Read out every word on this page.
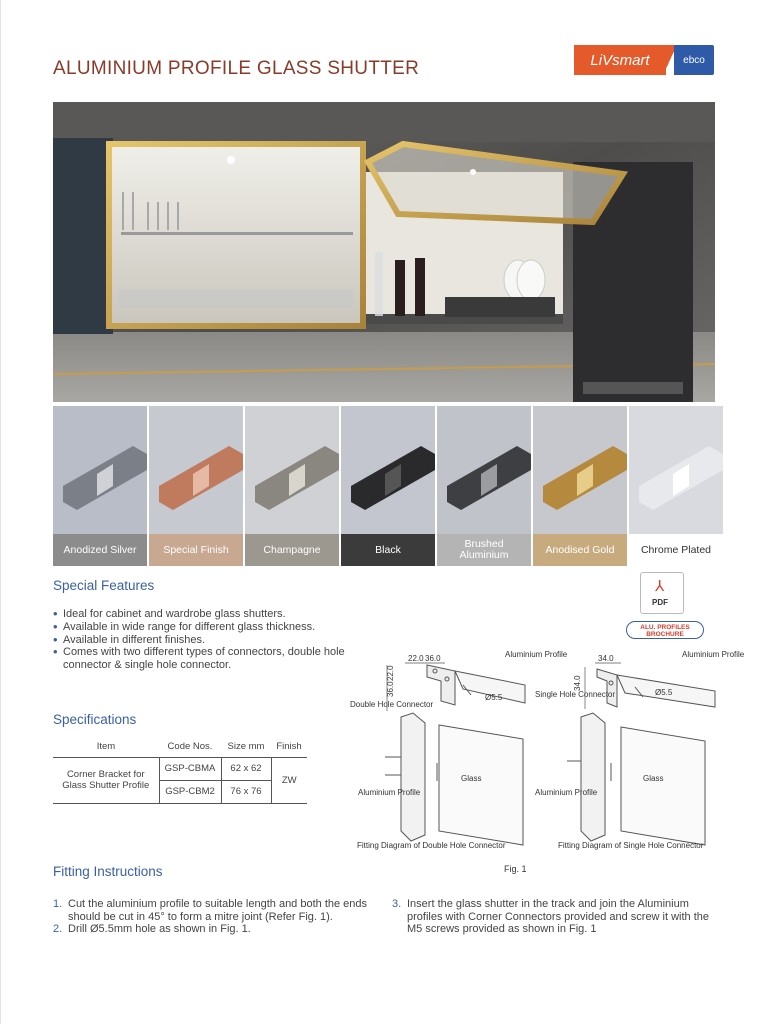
ALUMINIUM PROFILE GLASS SHUTTER	LiVsmart	ebco
Anodized Silver	Special Finish	Champagne	Black	Brushed Aluminium	Anodised Gold	Chrome Plated
Special Features
• Ideal for cabinet and wardrobe glass shutters.
• Available in wide range for different glass thickness.
• Available in different finishes.
• Comes with two different types of connectors, double hole connector & single hole connector.
⅄
PDF
ALU. PROFILES BROCHURE
Specifications
Item	Code Nos.	Size mm	Finish
Corner Bracket for Glass Shutter Profile	GSP-CBMA	62 x 62	ZW
	GSP-CBM2	76 x 76	
22.0 36.0
36.0
22.0
Ø5.5
Double Hole Connector
Aluminium Profile
Aluminium Profile
Glass
Fitting Diagram of Double Hole Connector
34.0
34.0
Ø5.5
Single Hole Connector
Aluminium Profile
Aluminium Profile
Glass
Fitting Diagram of Single Hole Connector
Fig. 1
Fitting Instructions
1. Cut the aluminium profile to suitable length and both the ends should be cut in 45° to form a mitre joint (Refer Fig. 1).
2. Drill Ø5.5mm hole as shown in Fig. 1.
3. Insert the glass shutter in the track and join the Aluminium profiles with Corner Connectors provided and screw it with the M5 screws provided as shown in Fig. 1
